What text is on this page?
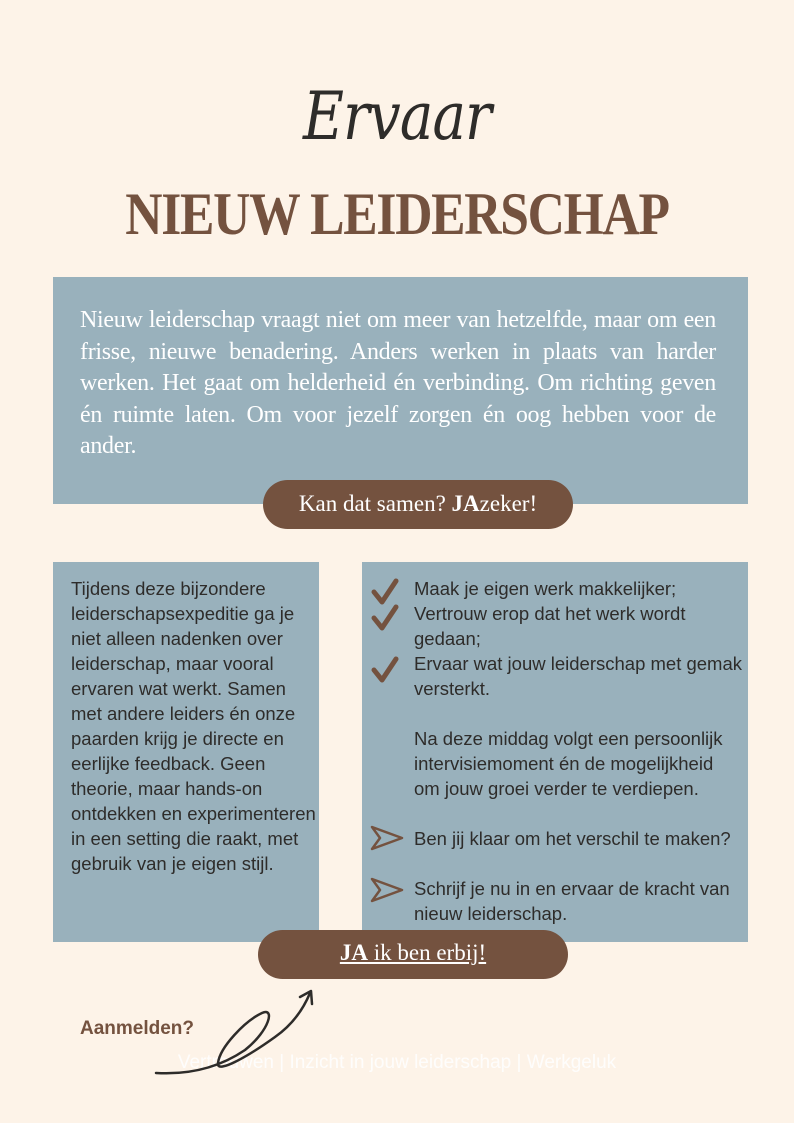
Ervaar
NIEUW LEIDERSCHAP
Nieuw leiderschap vraagt niet om meer van hetzelfde, maar om een frisse, nieuwe benadering. Anders werken in plaats van harder werken. Het gaat om helderheid én verbinding. Om richting geven én ruimte laten. Om voor jezelf zorgen én oog hebben voor de ander.
Kan dat samen? JAzeker!
Tijdens deze bijzondere leiderschapsexpeditie ga je niet alleen nadenken over leiderschap, maar vooral ervaren wat werkt. Samen met andere leiders én onze paarden krijg je directe en eerlijke feedback. Geen theorie, maar hands-on ontdekken en experimenteren in een setting die raakt, met gebruik van je eigen stijl.
Maak je eigen werk makkelijker;
Vertrouw erop dat het werk wordt gedaan;
Ervaar wat jouw leiderschap met gemak versterkt.
Na deze middag volgt een persoonlijk intervisiemoment én de mogelijkheid om jouw groei verder te verdiepen.
Ben jij klaar om het verschil te maken?
Schrijf je nu in en ervaar de kracht van nieuw leiderschap.
JA ik ben erbij!
Vertrouwen | Inzicht in jouw leiderschap | Werkgeluk
Aanmelden?
